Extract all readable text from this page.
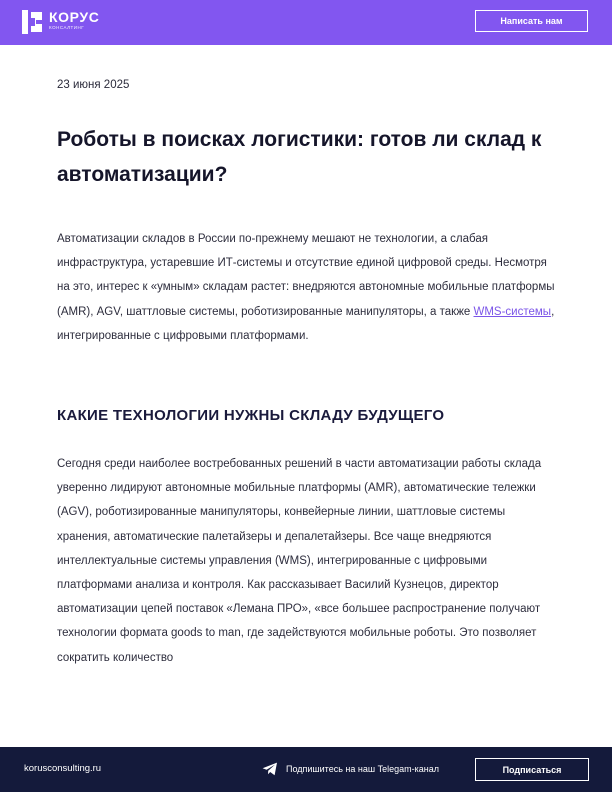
КОРУС
КОНСАЛТИНГ
Написать нам
23 июня 2025
Роботы в поисках логистики: готов ли склад к автоматизации?

Автоматизации складов в России по-прежнему мешают не технологии, а слабая инфраструктура, устаревшие ИТ-системы и отсутствие единой цифровой среды. Несмотря на это, интерес к «умным» складам растет: внедряются автономные мобильные платформы (AMR), AGV, шаттловые системы, роботизированные манипуляторы, а также WMS-системы, интегрированные с цифровыми платформами.

КАКИЕ ТЕХНОЛОГИИ НУЖНЫ СКЛАДУ БУДУЩЕГО

Сегодня среди наиболее востребованных решений в части автоматизации работы склада уверенно лидируют автономные мобильные платформы (AMR), автоматические тележки (AGV), роботизированные манипуляторы, конвейерные линии, шаттловые системы хранения, автоматические палетайзеры и депалетайзеры. Все чаще внедряются интеллектуальные системы управления (WMS), интегрированные с цифровыми платформами анализа и контроля. Как рассказывает Василий Кузнецов, директор автоматизации цепей поставок «Лемана ПРО», «все большее распространение получают технологии формата goods to man, где задействуются мобильные роботы. Это позволяет сократить количество

korusconsulting.ru	Подпишитесь на наш Telegam-канал	Подписаться
